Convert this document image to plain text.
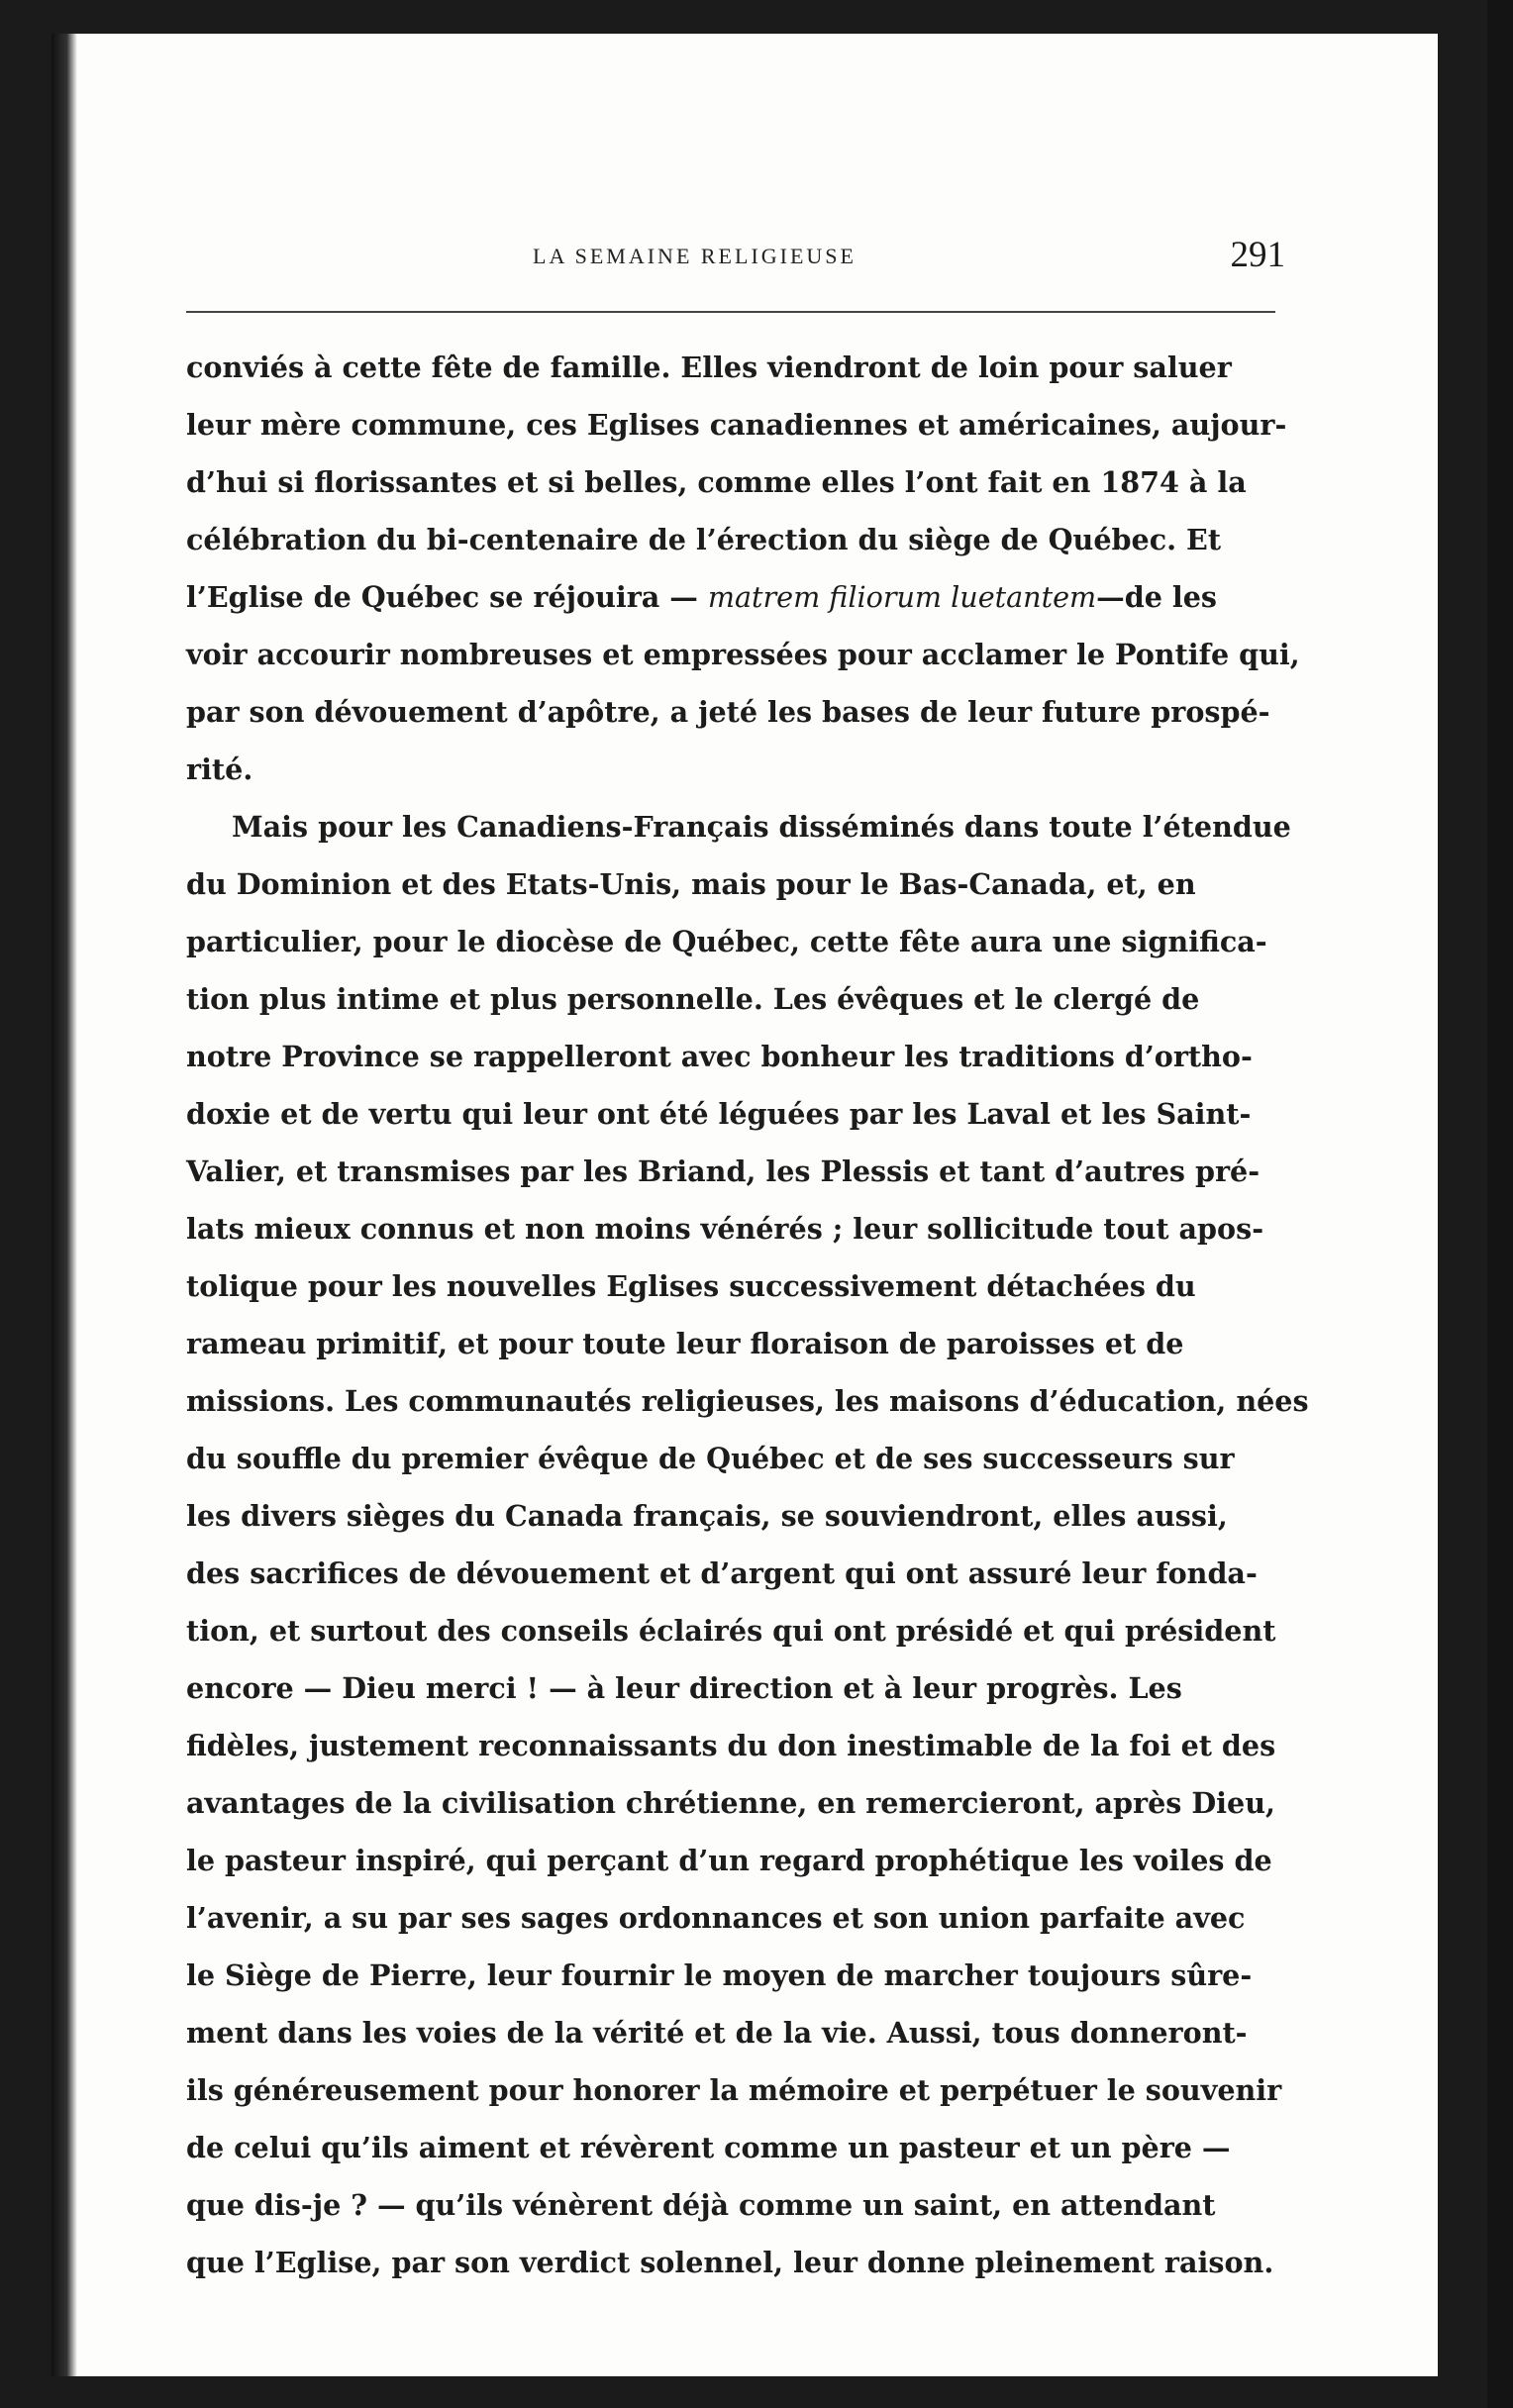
LA SEMAINE RELIGIEUSE	291
conviés à cette fête de famille. Elles viendront de loin pour saluer
leur mère commune, ces Eglises canadiennes et américaines, aujour-
d’hui si florissantes et si belles, comme elles l’ont fait en 1874 à la
célébration du bi-centenaire de l’érection du siège de Québec. Et
l’Eglise de Québec se réjouira — matrem filiorum luetantem—de les
voir accourir nombreuses et empressées pour acclamer le Pontife qui,
par son dévouement d’apôtre, a jeté les bases de leur future prospé-
rité.
Mais pour les Canadiens-Français disséminés dans toute l’étendue
du Dominion et des Etats-Unis, mais pour le Bas-Canada, et, en
particulier, pour le diocèse de Québec, cette fête aura une significa-
tion plus intime et plus personnelle. Les évêques et le clergé de
notre Province se rappelleront avec bonheur les traditions d’ortho-
doxie et de vertu qui leur ont été léguées par les Laval et les Saint-
Valier, et transmises par les Briand, les Plessis et tant d’autres pré-
lats mieux connus et non moins vénérés ; leur sollicitude tout apos-
tolique pour les nouvelles Eglises successivement détachées du
rameau primitif, et pour toute leur floraison de paroisses et de
missions. Les communautés religieuses, les maisons d’éducation, nées
du souffle du premier évêque de Québec et de ses successeurs sur
les divers sièges du Canada français, se souviendront, elles aussi,
des sacrifices de dévouement et d’argent qui ont assuré leur fonda-
tion, et surtout des conseils éclairés qui ont présidé et qui président
encore — Dieu merci ! — à leur direction et à leur progrès. Les
fidèles, justement reconnaissants du don inestimable de la foi et des
avantages de la civilisation chrétienne, en remercieront, après Dieu,
le pasteur inspiré, qui perçant d’un regard prophétique les voiles de
l’avenir, a su par ses sages ordonnances et son union parfaite avec
le Siège de Pierre, leur fournir le moyen de marcher toujours sûre-
ment dans les voies de la vérité et de la vie. Aussi, tous donneront-
ils généreusement pour honorer la mémoire et perpétuer le souvenir
de celui qu’ils aiment et révèrent comme un pasteur et un père —
que dis-je ? — qu’ils vénèrent déjà comme un saint, en attendant
que l’Eglise, par son verdict solennel, leur donne pleinement raison.
